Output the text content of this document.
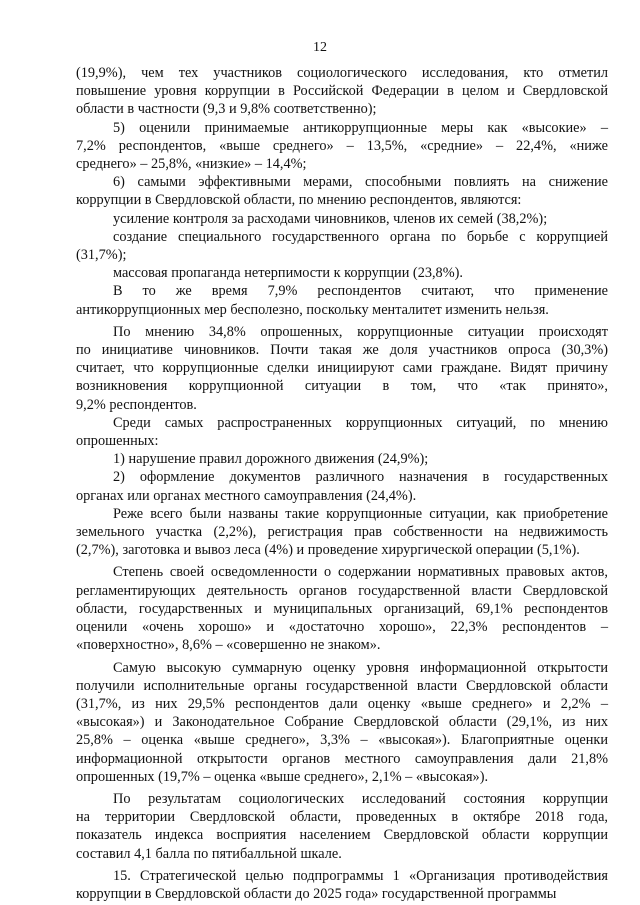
12

(19,9%), чем тех участников социологического исследования, кто отметил

повышение уровня коррупции в Российской Федерации в целом и Свердловской

области в частности (9,3 и 9,8% соответственно);

5) оценили принимаемые антикоррупционные меры как «высокие» –

7,2% респондентов, «выше среднего» – 13,5%, «средние» – 22,4%, «ниже

среднего» – 25,8%, «низкие» – 14,4%;

6) самыми эффективными мерами, способными повлиять на снижение

коррупции в Свердловской области, по мнению респондентов, являются:

усиление контроля за расходами чиновников, членов их семей (38,2%);

создание специального государственного органа по борьбе с коррупцией

(31,7%);

массовая пропаганда нетерпимости к коррупции (23,8%).

В то же время 7,9% респондентов считают, что применение

антикоррупционных мер бесполезно, поскольку менталитет изменить нельзя.

По мнению 34,8% опрошенных, коррупционные ситуации происходят

по инициативе чиновников. Почти такая же доля участников опроса (30,3%)

считает, что коррупционные сделки инициируют сами граждане. Видят причину

возникновения коррупционной ситуации в том, что «так принято»,

9,2% респондентов.

Среди самых распространенных коррупционных ситуаций, по мнению

опрошенных:

1) нарушение правил дорожного движения (24,9%);

2) оформление документов различного назначения в государственных

органах или органах местного самоуправления (24,4%).

Реже всего были названы такие коррупционные ситуации, как приобретение

земельного участка (2,2%), регистрация прав собственности на недвижимость

(2,7%), заготовка и вывоз леса (4%) и проведение хирургической операции (5,1%).

Степень своей осведомленности о содержании нормативных правовых актов,

регламентирующих деятельность органов государственной власти Свердловской

области, государственных и муниципальных организаций, 69,1% респондентов

оценили «очень хорошо» и «достаточно хорошо», 22,3% респондентов –

«поверхностно», 8,6% – «совершенно не знаком».

Самую высокую суммарную оценку уровня информационной открытости

получили исполнительные органы государственной власти Свердловской области

(31,7%, из них 29,5% респондентов дали оценку «выше среднего» и 2,2% –

«высокая») и Законодательное Собрание Свердловской области (29,1%, из них

25,8% – оценка «выше среднего», 3,3% – «высокая»). Благоприятные оценки

информационной открытости органов местного самоуправления дали 21,8%

опрошенных (19,7% – оценка «выше среднего», 2,1% – «высокая»).

По результатам социологических исследований состояния коррупции

на территории Свердловской области, проведенных в октябре 2018 года,

показатель индекса восприятия населением Свердловской области коррупции

составил 4,1 балла по пятибалльной шкале.

15. Стратегической целью подпрограммы 1 «Организация противодействия

коррупции в Свердловской области до 2025 года» государственной программы
